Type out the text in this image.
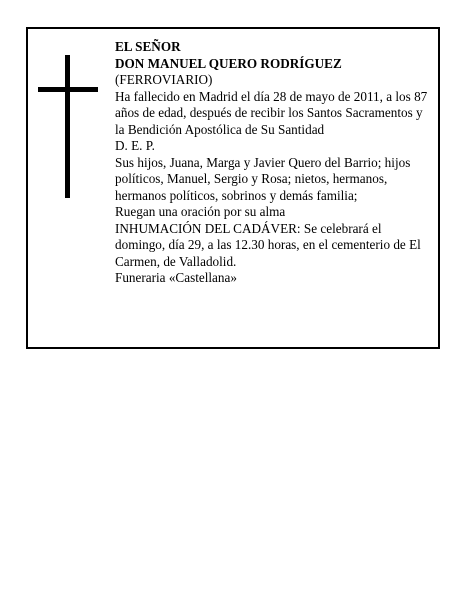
EL SEÑOR
DON MANUEL QUERO RODRÍGUEZ
(FERROVIARIO)
Ha fallecido en Madrid el día 28 de mayo de 2011, a los 87 años de edad, después de recibir los Santos Sacramentos y la Bendición Apostólica de Su Santidad
D. E. P.
Sus hijos, Juana, Marga y Javier Quero del Barrio; hijos políticos, Manuel, Sergio y Rosa; nietos, hermanos, hermanos políticos, sobrinos y demás familia;
Ruegan una oración por su alma
INHUMACIÓN DEL CADÁVER: Se celebrará el domingo, día 29, a las 12.30 horas, en el cementerio de El Carmen, de Valladolid.
Funeraria «Castellana»
